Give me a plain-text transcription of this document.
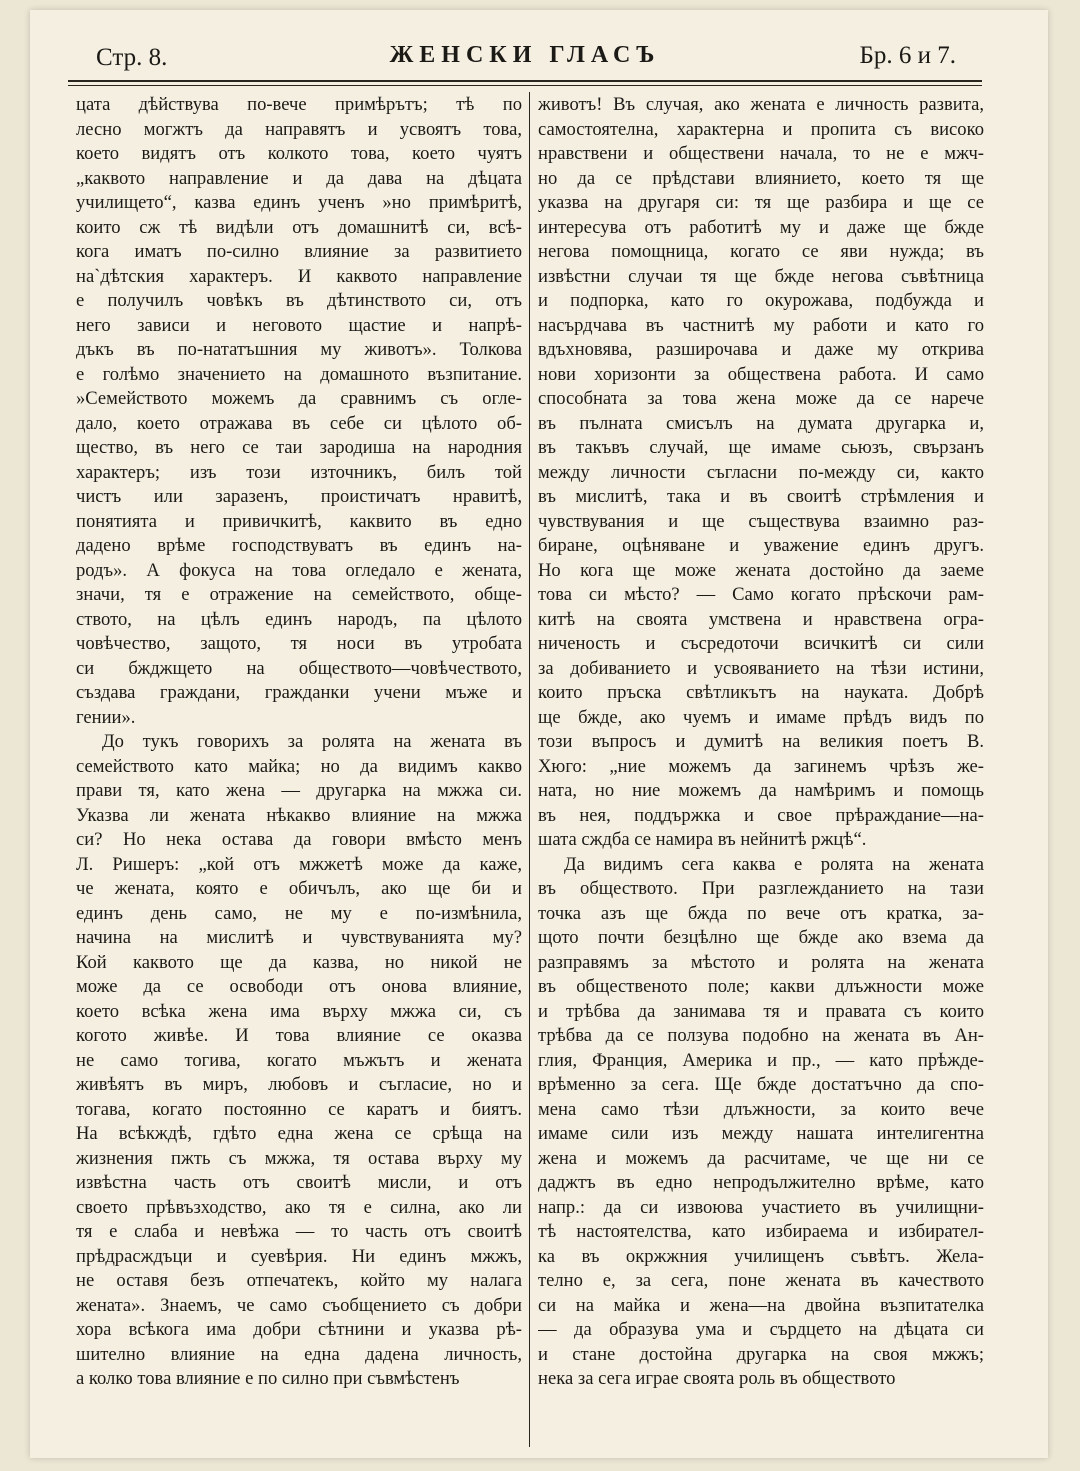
Стр. 8.	ЖЕНСКИ ГЛАСЪ	Бр. 6 и 7.
цата дѣйствува по-вече примѣрътъ; тѣ по
лесно могжтъ да направятъ и усвоятъ това,
което видятъ отъ колкото това, което чуятъ
„каквото направление и да дава на дѣцата
училището“, казва единъ ученъ »но примѣритѣ,
които сж тѣ видѣли отъ домашнитѣ си, всѣ-
кога иматъ по-силно влияние за развитието
на`дѣтския характеръ. И каквото направление
е получилъ човѣкъ въ дѣтинството си, отъ
него зависи и неговото щастие и напрѣ-
дъкъ въ по-нататъшния му животъ». Толкова
е голѣмо значението на домашното възпитание.
»Семейството можемъ да сравнимъ съ огле-
дало, което отражава въ себе си цѣлото об-
щество, въ него се таи зародиша на народния
характеръ; изъ този източникъ, билъ той
чистъ или заразенъ, проистичатъ нравитѣ,
понятията и привичкитѣ, каквито въ едно
дадено врѣме господствуватъ въ единъ на-
родъ». А фокуса на това огледало е жената,
значи, тя е отражение на семейството, обще-
ството, на цѣлъ единъ народъ, па цѣлото
човѣчество, защото, тя носи въ утробата
си бжджщето на обществото—човѣчеството,
създава граждани, гражданки учени мъже и
гении».
До тукъ говорихъ за ролята на жената въ
семейството като майка; но да видимъ какво
прави тя, като жена — другарка на мжжа си.
Указва ли жената нѣкакво влияние на мжжа
си? Но нека остава да говори вмѣсто менъ
Л. Ришеръ: „кой отъ мжжетѣ може да каже,
че жената, която е обичълъ, ако ще би и
единъ день само, не му е по-измѣнила,
начина на мислитѣ и чувствуванията му?
Кой каквото ще да казва, но никой не
може да се освободи отъ онова влияние,
което всѣка жена има върху мжжа си, съ
когото живѣе. И това влияние се оказва
не само тогива, когато мъжътъ и жената
живѣятъ въ миръ, любовъ и съгласие, но и
тогава, когато постоянно се каратъ и биятъ.
На всѣкждѣ, гдѣто една жена се срѣща на
жизнения пжть съ мжжа, тя остава върху му
извѣстна часть отъ своитѣ мисли, и отъ
своето прѣвъзходство, ако тя е силна, ако ли
тя е слаба и невѣжа — то часть отъ своитѣ
прѣдрасждъци и суевѣрия. Ни единъ мжжъ,
не оставя безъ отпечатекъ, който му налага
жената». Знаемъ, че само съобщението съ добри
хора всѣкога има добри сѣтнини и указва рѣ-
шително влияние на една дадена личность,
а колко това влияние е по силно при съвмѣстенъ
животъ! Въ случая, ако жената е личность развита,
самостоятелна, характерна и пропита съ високо
нравствени и обществени начала, то не е мжч-
но да се прѣдстави влиянието, което тя ще
указва на другаря си: тя ще разбира и ще се
интересува отъ работитѣ му и даже ще бжде
негова помощница, когато се яви нужда; въ
извѣстни случаи тя ще бжде негова съвѣтница
и подпорка, като го окурожава, подбужда и
насърдчава въ частнитѣ му работи и като го
вдъхновява, разширочава и даже му открива
нови хоризонти за обществена работа. И само
способната за това жена може да се нарече
въ пълната смисълъ на думата другарка и,
въ такъвъ случай, ще имаме сьюзъ, свързанъ
между личности съгласни по-между си, както
въ мислитѣ, така и въ своитѣ стрѣмления и
чувствувания и ще съществува взаимно раз-
биране, оцѣняване и уважение единъ другъ.
Но кога ще може жената достойно да заеме
това си мѣсто? — Само когато прѣскочи рам-
китѣ на своята умствена и нравствена огра-
ниченость и съсредоточи всичкитѣ си сили
за добиванието и усвояванието на тѣзи истини,
които пръска свѣтликътъ на науката. Добрѣ
ще бжде, ако чуемъ и имаме прѣдъ видъ по
този въпросъ и думитѣ на великия поетъ В.
Хюго: „ние можемъ да загинемъ чрѣзъ же-
ната, но ние можемъ да намѣримъ и помощь
въ нея, поддържка и свое прѣраждание—на-
шата сждба се намира въ нейнитѣ ржцѣ“.
Да видимъ сега каква е ролята на жената
въ обществото. При разглежданието на тази
точка азъ ще бжда по вече отъ кратка, за-
щото почти безцѣлно ще бжде ако взема да
разправямъ за мѣстото и ролята на жената
въ общественото поле; какви длъжности може
и трѣбва да занимава тя и правата съ които
трѣбва да се ползува подобно на жената въ Ан-
глия, Франция, Америка и пр., — като прѣжде-
врѣменно за сега. Ще бжде достатъчно да спо-
мена само тѣзи длъжности, за които вече
имаме сили изъ между нашата интелигентна
жена и можемъ да расчитаме, че ще ни се
даджтъ въ едно непродължително врѣме, като
напр.: да си извоюва участието въ училищни-
тѣ настоятелства, като избираема и избирател-
ка въ окржжния училищенъ съвѣтъ. Жела-
телно е, за сега, поне жената въ качеството
си на майка и жена—на двойна възпитателка
— да образува ума и сърдцето на дѣцата си
и стане достойна другарка на своя мжжъ;
нека за сега играе своята роль въ обществото
